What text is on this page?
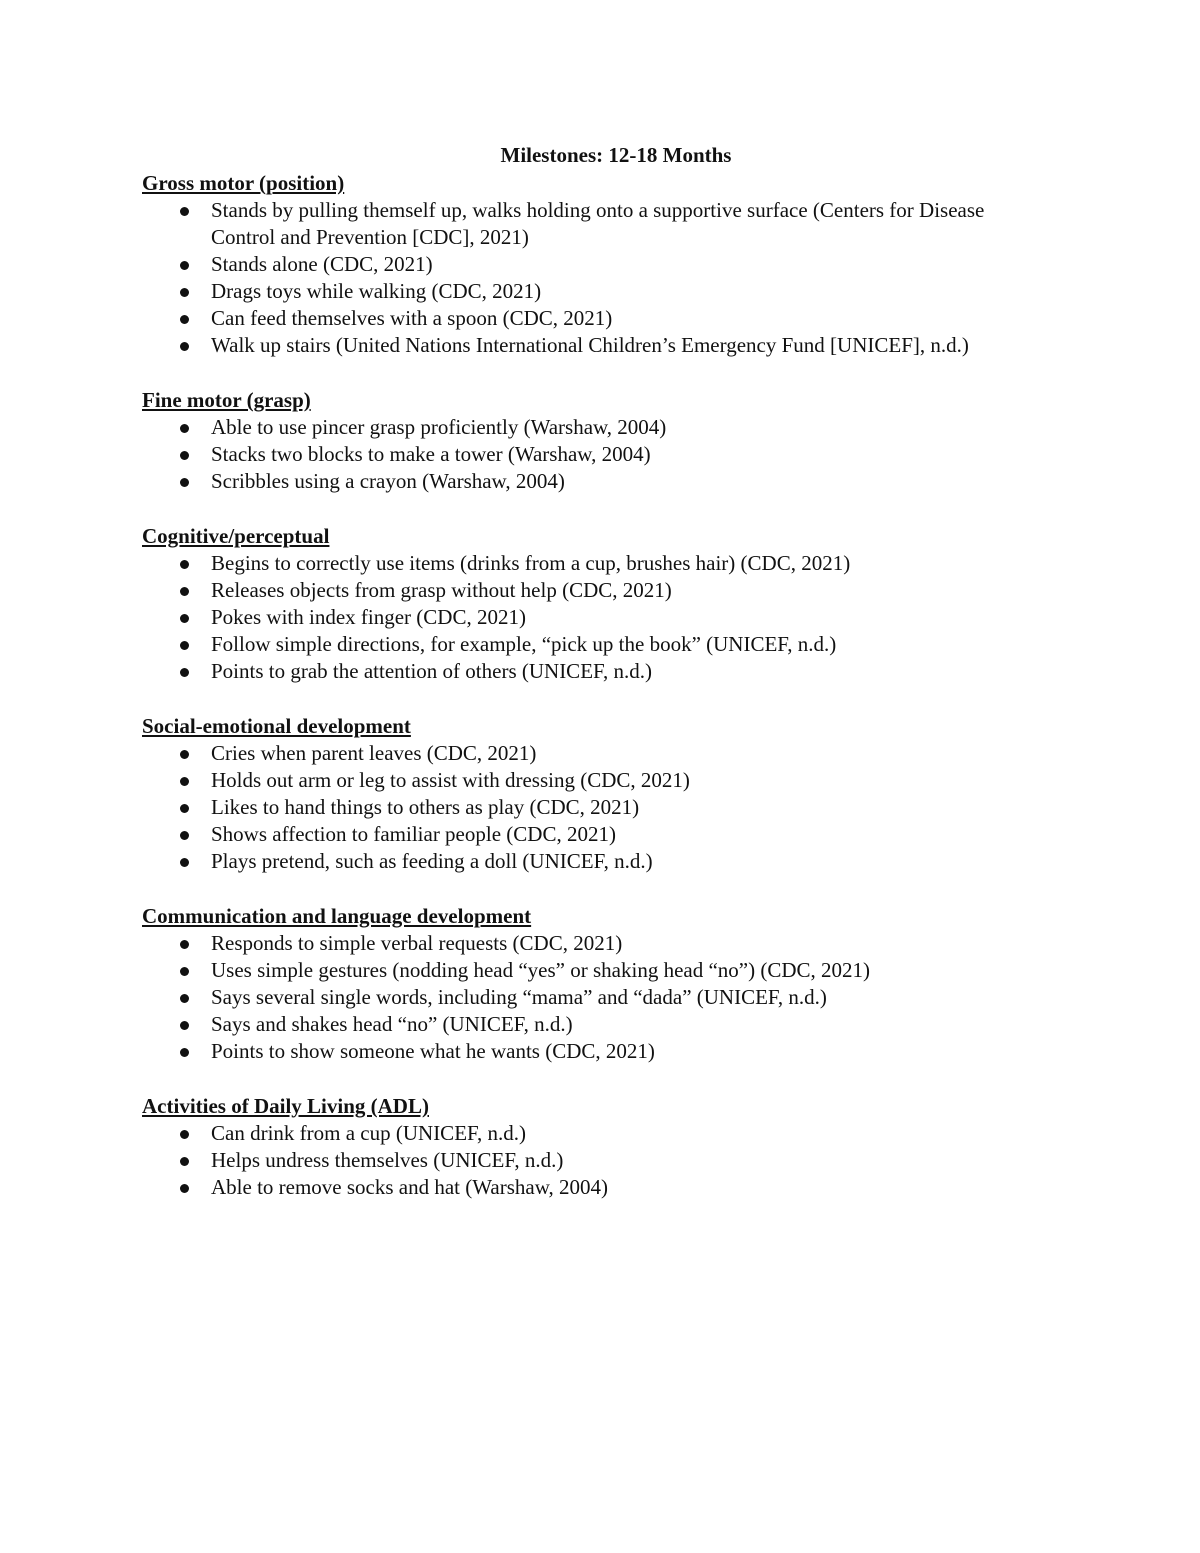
Milestones: 12-18 Months
Gross motor (position)
Stands by pulling themself up, walks holding onto a supportive surface (Centers for Disease Control and Prevention [CDC], 2021)
Stands alone (CDC, 2021)
Drags toys while walking (CDC, 2021)
Can feed themselves with a spoon (CDC, 2021)
Walk up stairs (United Nations International Children’s Emergency Fund [UNICEF], n.d.)
Fine motor (grasp)
Able to use pincer grasp proficiently (Warshaw, 2004)
Stacks two blocks to make a tower (Warshaw, 2004)
Scribbles using a crayon (Warshaw, 2004)
Cognitive/perceptual
Begins to correctly use items (drinks from a cup, brushes hair) (CDC, 2021)
Releases objects from grasp without help (CDC, 2021)
Pokes with index finger (CDC, 2021)
Follow simple directions, for example, “pick up the book” (UNICEF, n.d.)
Points to grab the attention of others (UNICEF, n.d.)
Social-emotional development
Cries when parent leaves (CDC, 2021)
Holds out arm or leg to assist with dressing (CDC, 2021)
Likes to hand things to others as play (CDC, 2021)
Shows affection to familiar people (CDC, 2021)
Plays pretend, such as feeding a doll (UNICEF, n.d.)
Communication and language development
Responds to simple verbal requests (CDC, 2021)
Uses simple gestures (nodding head “yes” or shaking head “no”) (CDC, 2021)
Says several single words, including “mama” and “dada” (UNICEF, n.d.)
Says and shakes head “no” (UNICEF, n.d.)
Points to show someone what he wants (CDC, 2021)
Activities of Daily Living (ADL)
Can drink from a cup (UNICEF, n.d.)
Helps undress themselves (UNICEF, n.d.)
Able to remove socks and hat (Warshaw, 2004)
